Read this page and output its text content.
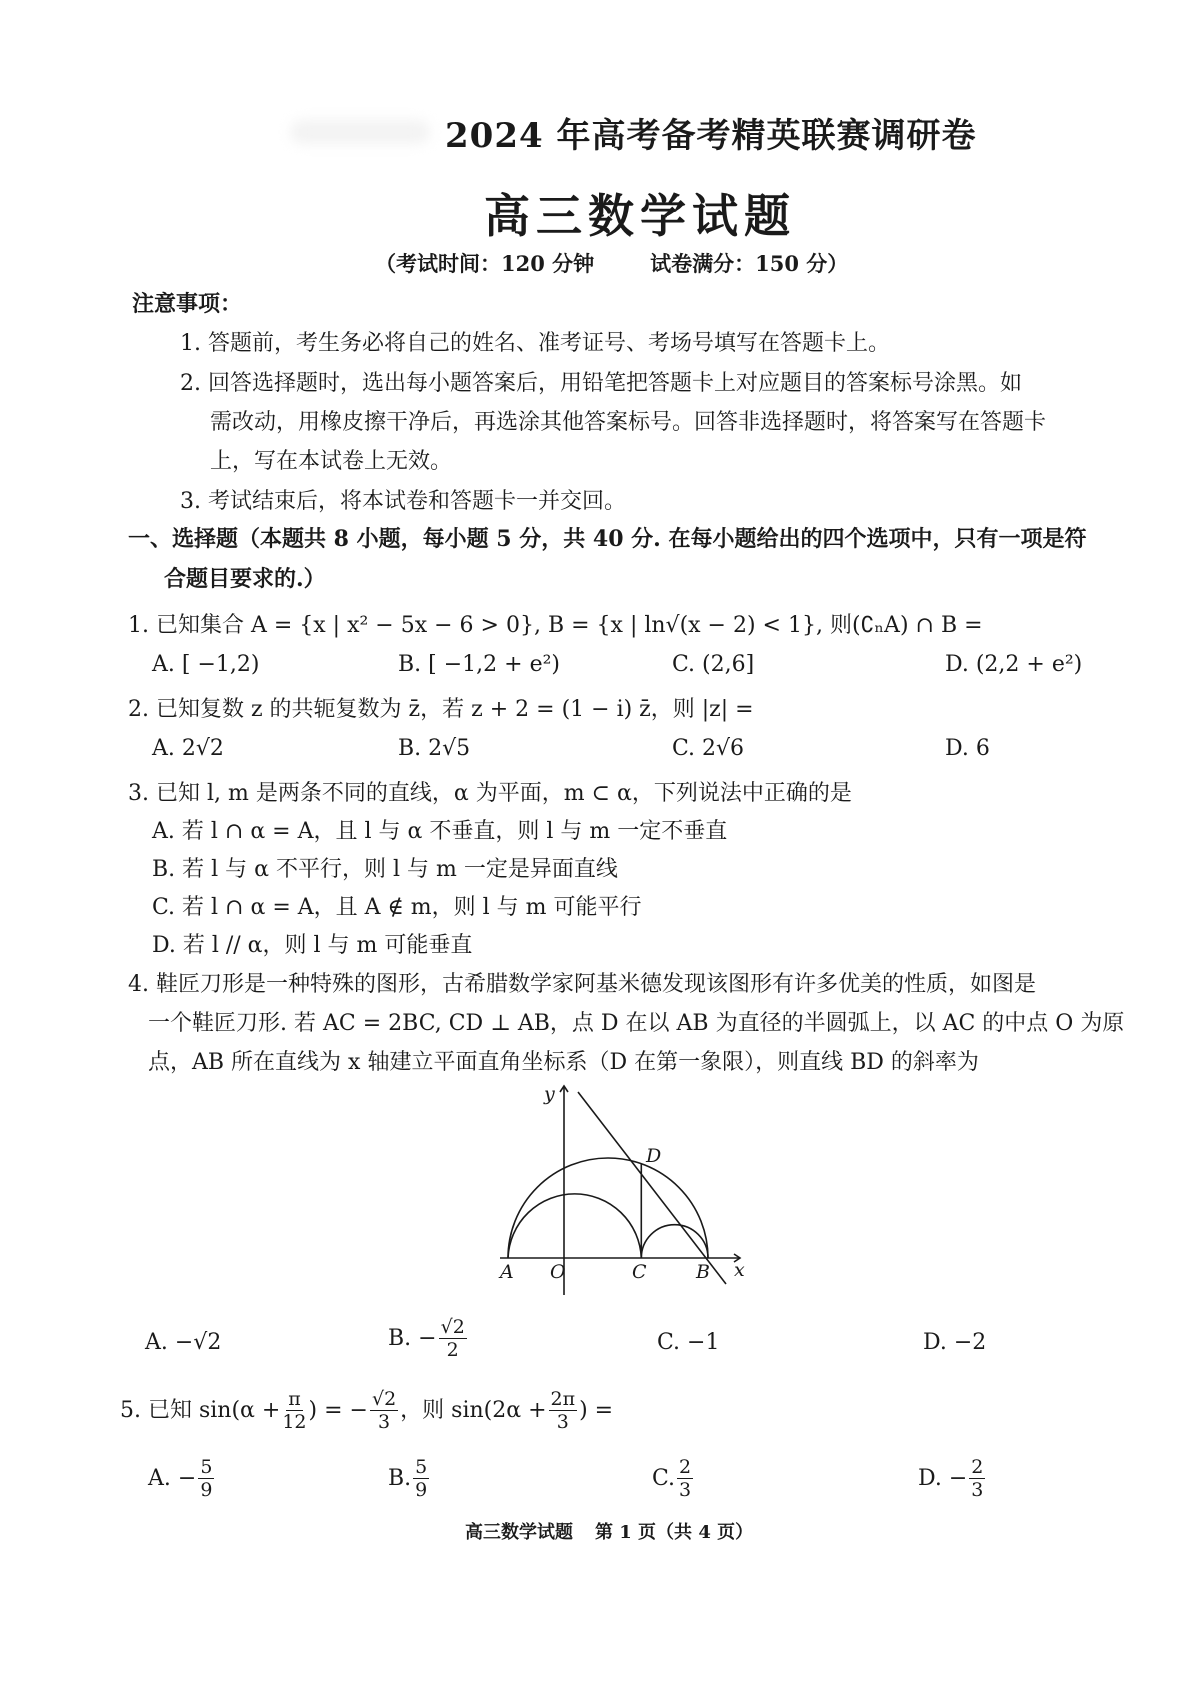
2024 年高考备考精英联赛调研卷
高三数学试题
（考试时间：120 分钟	试卷满分：150 分）
注意事项：
1. 答题前，考生务必将自己的姓名、准考证号、考场号填写在答题卡上。
2. 回答选择题时，选出每小题答案后，用铅笔把答题卡上对应题目的答案标号涂黑。如
需改动，用橡皮擦干净后，再选涂其他答案标号。回答非选择题时，将答案写在答题卡
上，写在本试卷上无效。
3. 考试结束后，将本试卷和答题卡一并交回。
一、选择题（本题共 8 小题，每小题 5 分，共 40 分. 在每小题给出的四个选项中，只有一项是符
合题目要求的.）
1. 已知集合 A = {x | x² − 5x − 6 > 0}, B = {x | ln√(x − 2) < 1}, 则(∁ₙA) ∩ B =
A. [ −1,2)	B. [ −1,2 + e²)	C. (2,6]	D. (2,2 + e²)
2. 已知复数 z 的共轭复数为 z̄，若 z + 2 = (1 − i) z̄，则 |z| =
A. 2√2	B. 2√5	C. 2√6	D. 6
3. 已知 l, m 是两条不同的直线，α 为平面，m ⊂ α，下列说法中正确的是
A. 若 l ∩ α = A，且 l 与 α 不垂直，则 l 与 m 一定不垂直
B. 若 l 与 α 不平行，则 l 与 m 一定是异面直线
C. 若 l ∩ α = A，且 A ∉ m，则 l 与 m 可能平行
D. 若 l // α，则 l 与 m 可能垂直
4. 鞋匠刀形是一种特殊的图形，古希腊数学家阿基米德发现该图形有许多优美的性质，如图是
一个鞋匠刀形. 若 AC = 2BC, CD ⊥ AB，点 D 在以 AB 为直径的半圆弧上，以 AC 的中点 O 为原
点，AB 所在直线为 x 轴建立平面直角坐标系（D 在第一象限），则直线 BD 的斜率为
x
y
A O	C	B
D
A. −√2	B. − $\frac{√2}{2}$	C. −1	D. −2
5. 已知 $\sin(\alpha + \frac{\pi}{12}$ ) = − $\frac{√2}{3}$ ，则 $\sin(2\alpha + \frac{2\pi}{3}$ ) =
A. − $\frac{5}{9}$	B. $\frac{5}{9}$	C. $\frac{2}{3}$	D. − $\frac{2}{3}$
高三数学试题 第 1 页（共 4 页）
